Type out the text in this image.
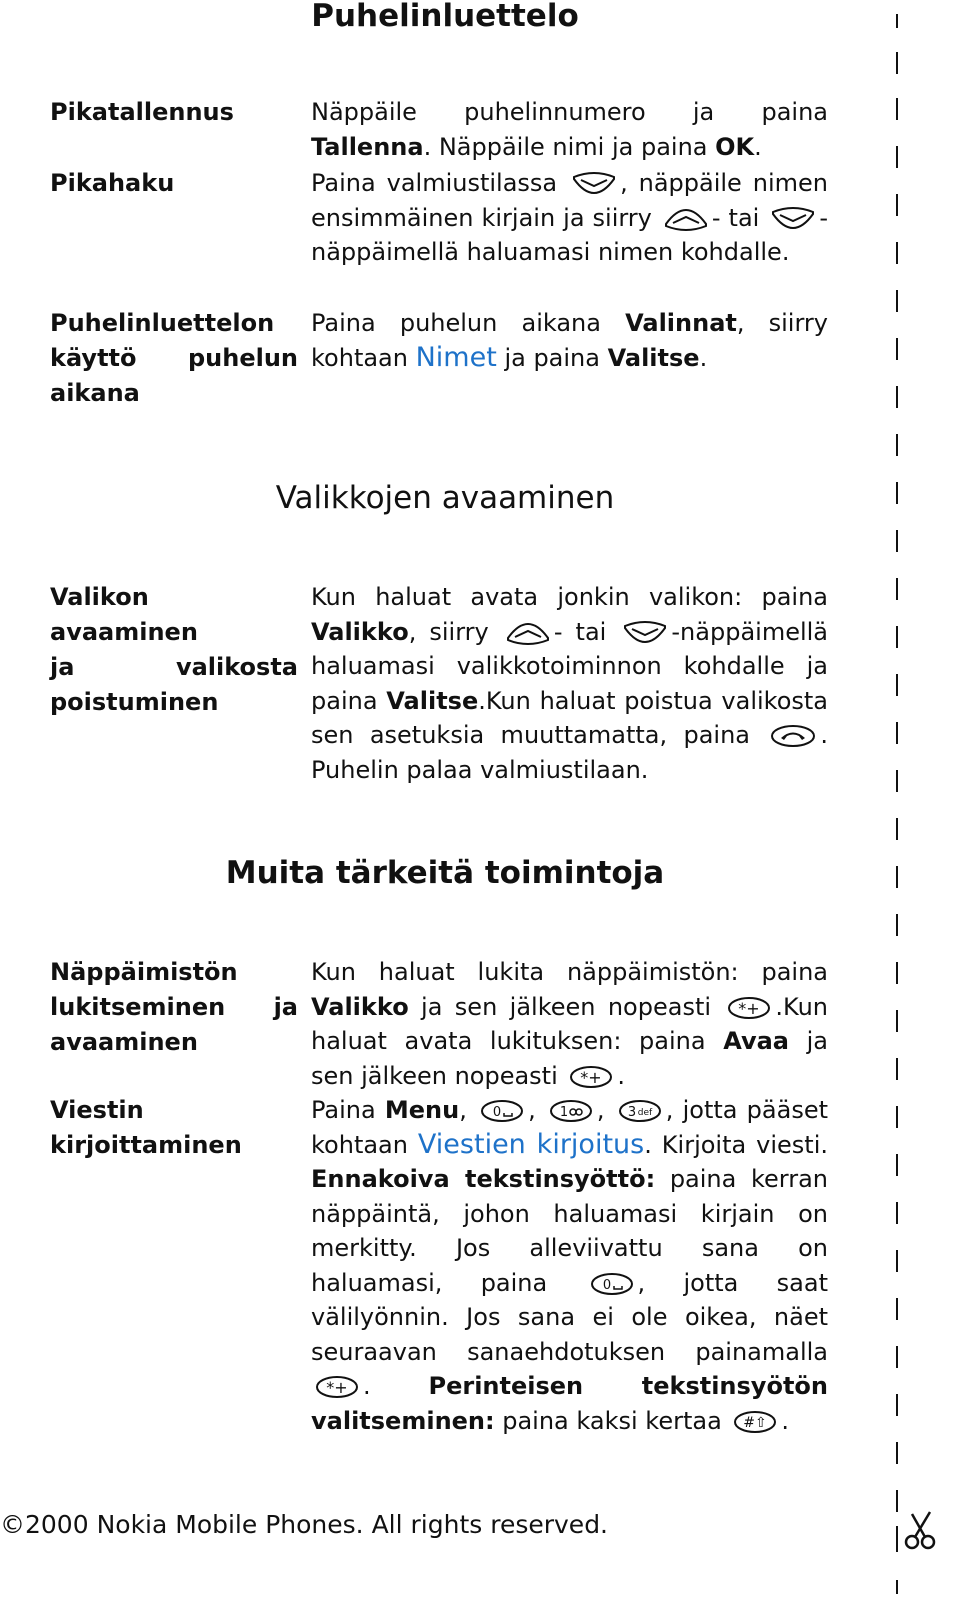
Puhelinluettelo
Pikatallennus	Näppäile puhelinnumero ja paina Tallenna. Näppäile nimi ja paina OK.
Pikahaku	Paina valmiustilassa
, näppäile nimen ensimmäinen kirjain ja siirry
- tai
-näppäimellä haluamasi nimen kohdalle.
Puhelinluettelon
käyttö puhelun
aikana
Paina puhelun aikana Valinnat, siirry kohtaan Nimet ja paina Valitse.
Valikkojen avaaminen
Valikon avaaminen
ja valikosta
poistuminen
Kun haluat avata jonkin valikon: paina Valikko, siirry
- tai
-näppäimellä haluamasi valikkotoiminnon kohdalle ja paina Valitse.Kun haluat poistua valikosta sen asetuksia muuttamatta, paina
. Puhelin palaa valmiustilaan.
Muita tärkeitä toimintoja
Näppäimistön
lukitseminen ja
avaaminen
Kun haluat lukita näppäimistön: paina Valikko ja sen jälkeen nopeasti *+ .Kun haluat avata lukituksen: paina Avaa ja sen jälkeen nopeasti *+ .
Viestin
kirjoittaminen
Paina Menu, 0 , 1 , 3 def , jotta pääset kohtaan Viestien kirjoitus. Kirjoita viesti. Ennakoiva tekstinsyöttö: paina kerran näppäintä, johon haluamasi kirjain on merkitty. Jos alleviivattu sana on haluamasi, paina 0 , jotta saat välilyönnin. Jos sana ei ole oikea, näet seuraavan sanaehdotuksen painamalla
*+ . Perinteisen tekstinsyötön valitseminen: paina kaksi kertaa #⇧ .
©2000 Nokia Mobile Phones. All rights reserved.
